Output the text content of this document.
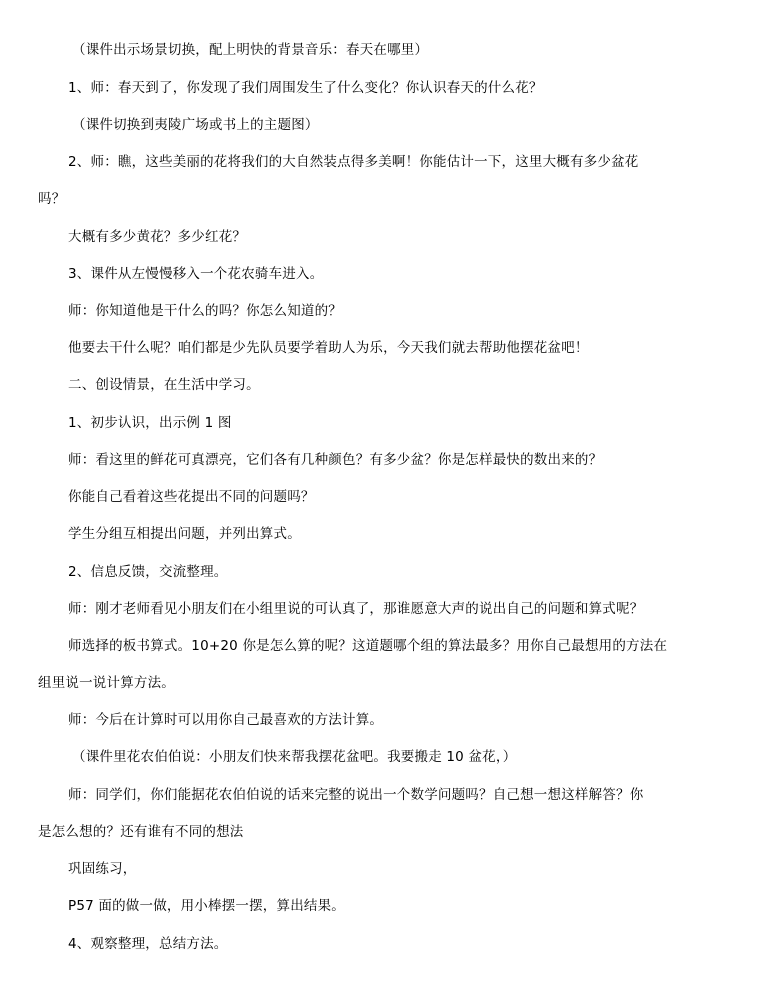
（课件出示场景切换，配上明快的背景音乐：春天在哪里）
1、师：春天到了，你发现了我们周围发生了什么变化？你认识春天的什么花？
（课件切换到夷陵广场或书上的主题图）
2、师：瞧，这些美丽的花将我们的大自然装点得多美啊！你能估计一下，这里大概有多少盆花
吗？
大概有多少黄花？多少红花？
3、课件从左慢慢移入一个花农骑车进入。
师：你知道他是干什么的吗？你怎么知道的？
他要去干什么呢？咱们都是少先队员要学着助人为乐，今天我们就去帮助他摆花盆吧！
二、创设情景，在生活中学习。
1、初步认识，出示例 1 图
师：看这里的鲜花可真漂亮，它们各有几种颜色？有多少盆？你是怎样最快的数出来的？
你能自己看着这些花提出不同的问题吗？
学生分组互相提出问题，并列出算式。
2、信息反馈，交流整理。
师：刚才老师看见小朋友们在小组里说的可认真了，那谁愿意大声的说出自己的问题和算式呢？
师选择的板书算式。10+20 你是怎么算的呢？这道题哪个组的算法最多？用你自己最想用的方法在
组里说一说计算方法。
师：今后在计算时可以用你自己最喜欢的方法计算。
（课件里花农伯伯说：小朋友们快来帮我摆花盆吧。我要搬走 10 盆花，）
师：同学们，你们能据花农伯伯说的话来完整的说出一个数学问题吗？自己想一想这样解答？你
是怎么想的？还有谁有不同的想法
巩固练习，
P57 面的做一做，用小棒摆一摆，算出结果。
4、观察整理，总结方法。
